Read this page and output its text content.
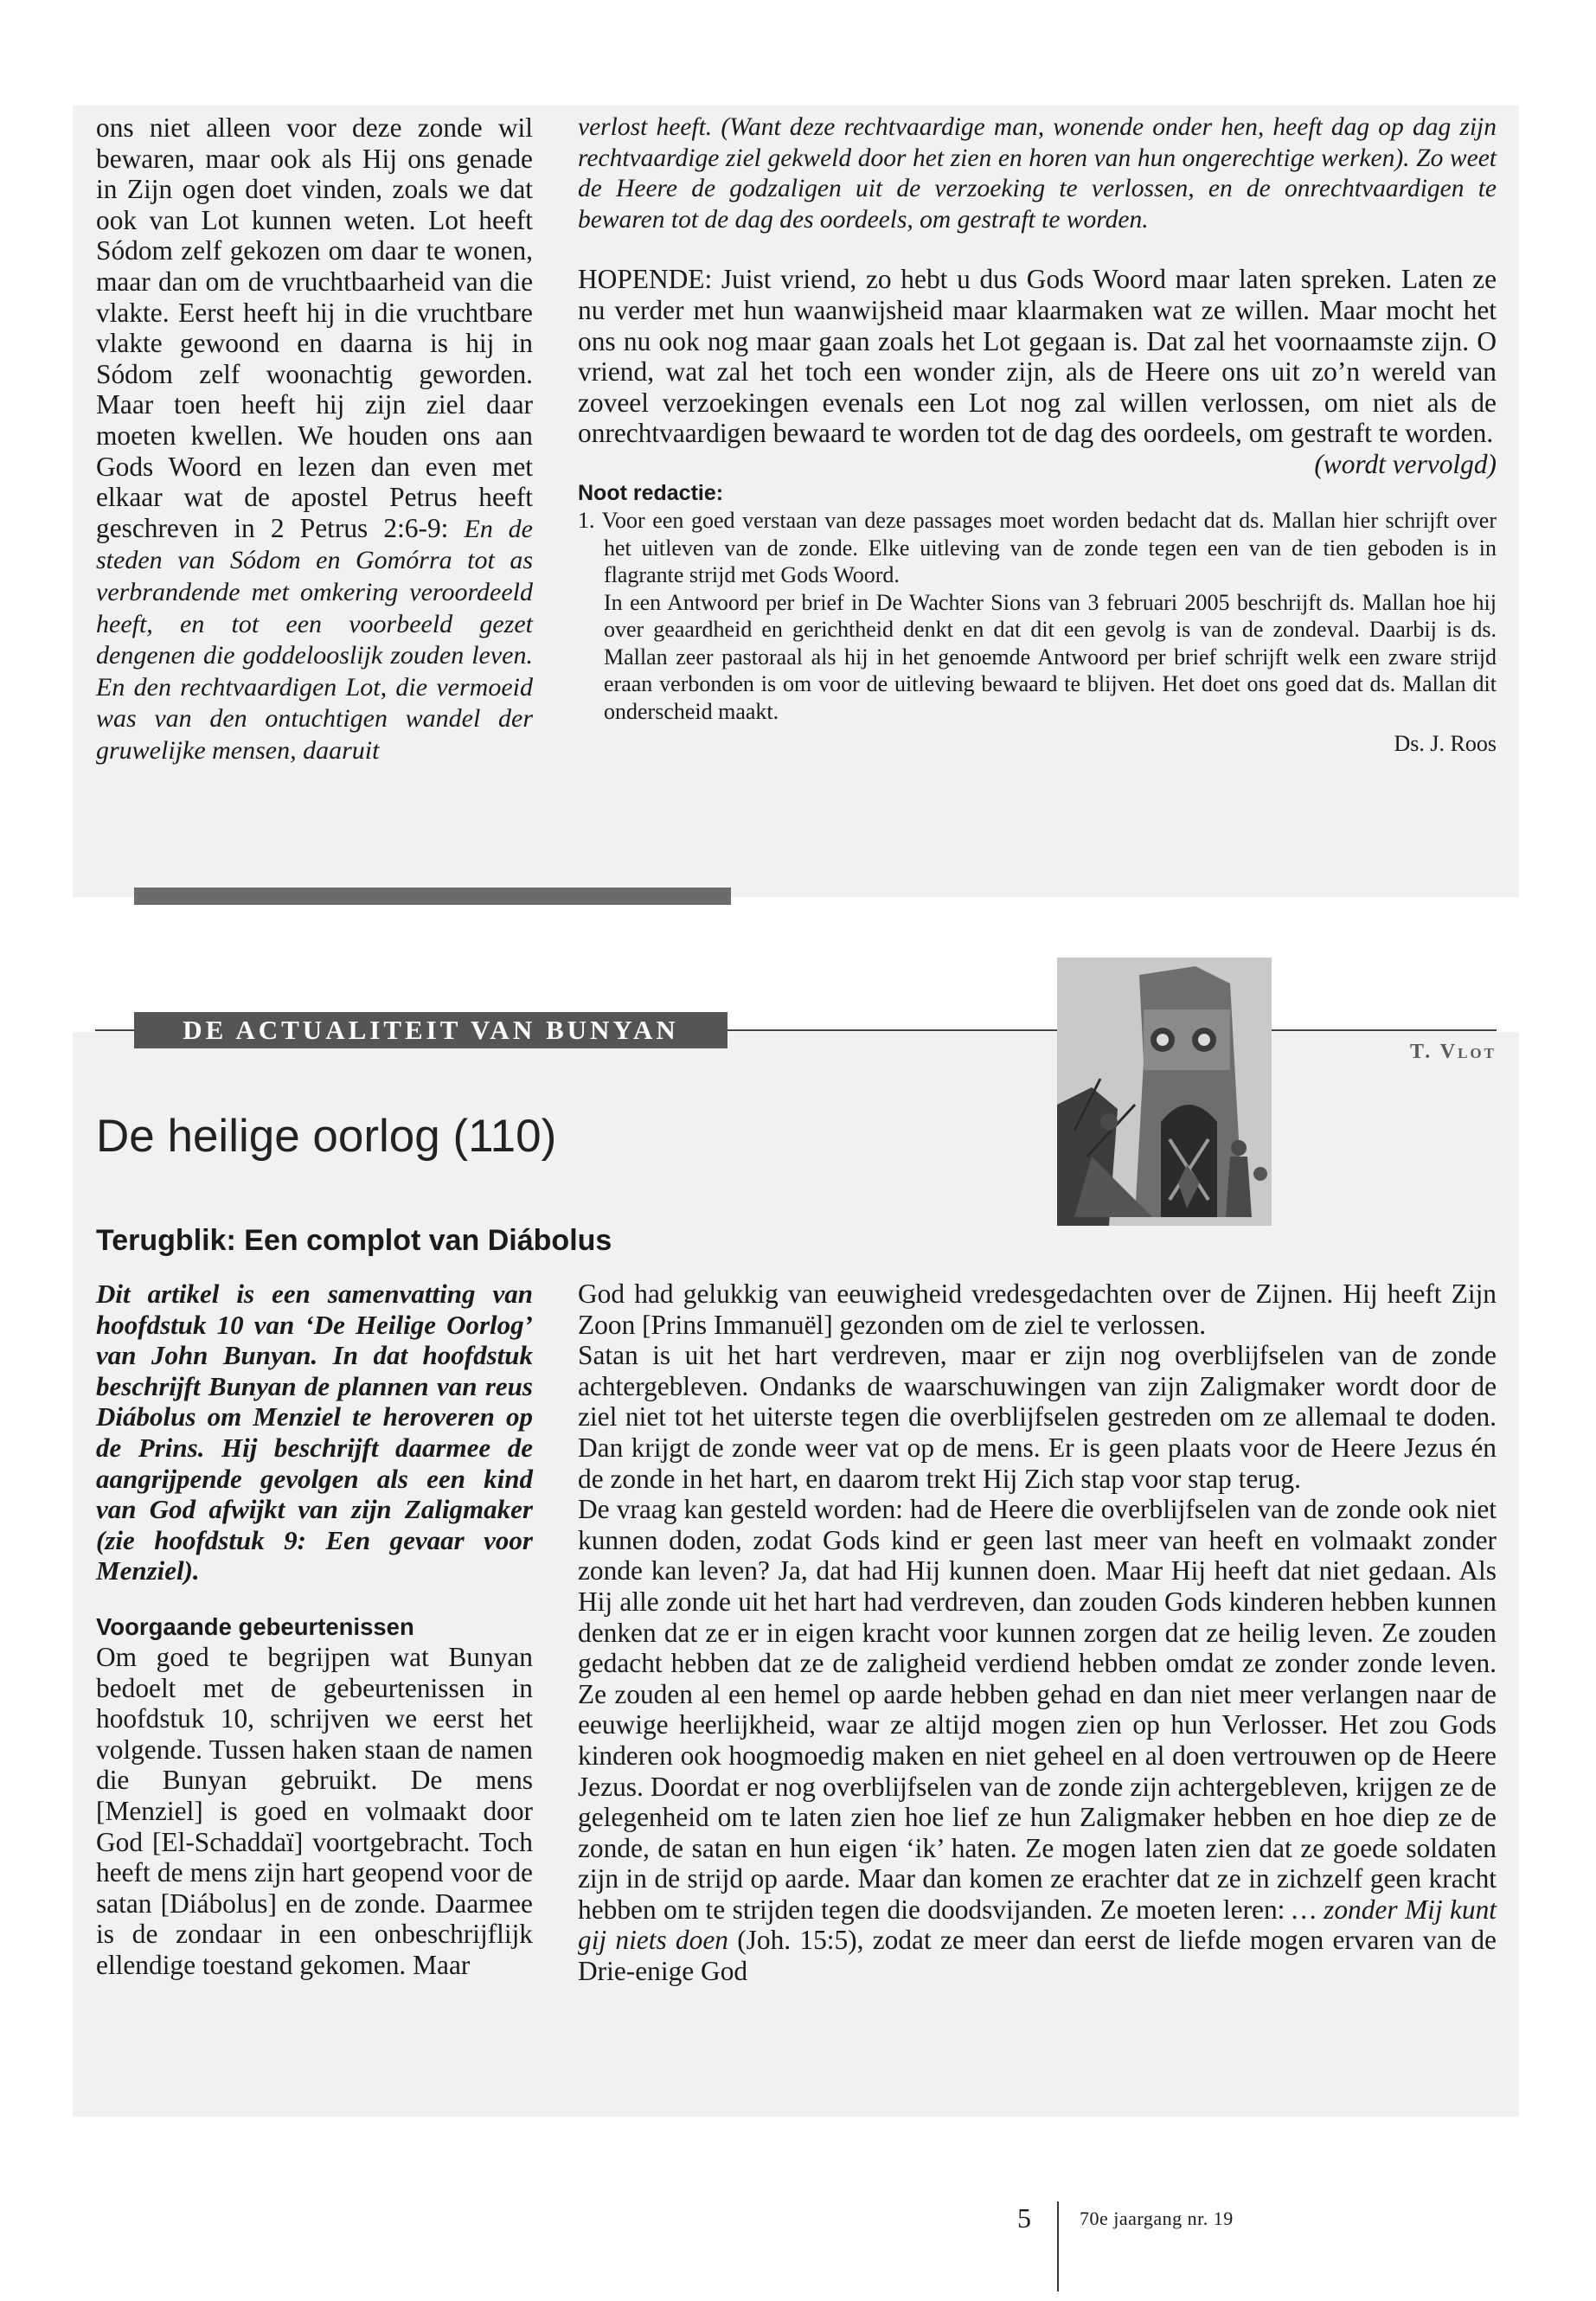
ons niet alleen voor deze zonde wil bewaren, maar ook als Hij ons genade in Zijn ogen doet vinden, zoals we dat ook van Lot kunnen weten. Lot heeft Sódom zelf gekozen om daar te wonen, maar dan om de vruchtbaarheid van die vlakte. Eerst heeft hij in die vruchtbare vlakte gewoond en daarna is hij in Sódom zelf woonachtig geworden. Maar toen heeft hij zijn ziel daar moeten kwellen. We houden ons aan Gods Woord en lezen dan even met elkaar wat de apostel Petrus heeft geschreven in 2 Petrus 2:6-9: En de steden van Sódom en Gomórra tot as verbrandende met omkering veroordeeld heeft, en tot een voorbeeld gezet dengenen die goddelooslijk zouden leven. En den rechtvaardigen Lot, die vermoeid was van den ontuchtigen wandel der gruwelijke mensen, daaruit

verlost heeft. (Want deze rechtvaardige man, wonende onder hen, heeft dag op dag zijn rechtvaardige ziel gekweld door het zien en horen van hun ongerechtige werken). Zo weet de Heere de godzaligen uit de verzoeking te verlossen, en de onrechtvaardigen te bewaren tot de dag des oordeels, om gestraft te worden.

HOPENDE: Juist vriend, zo hebt u dus Gods Woord maar laten spreken. Laten ze nu verder met hun waanwijsheid maar klaarmaken wat ze willen. Maar mocht het ons nu ook nog maar gaan zoals het Lot gegaan is. Dat zal het voornaamste zijn. O vriend, wat zal het toch een wonder zijn, als de Heere ons uit zo’n wereld van zoveel verzoekingen evenals een Lot nog zal willen verlossen, om niet als de onrechtvaardigen bewaard te worden tot de dag des oordeels, om gestraft te worden.
(wordt vervolgd)

Noot redactie:
1. Voor een goed verstaan van deze passages moet worden bedacht dat ds. Mallan hier schrijft over het uitleven van de zonde. Elke uitleving van de zonde tegen een van de tien geboden is in flagrante strijd met Gods Woord.
In een Antwoord per brief in De Wachter Sions van 3 februari 2005 beschrijft ds. Mallan hoe hij over geaardheid en gerichtheid denkt en dat dit een gevolg is van de zondeval. Daarbij is ds. Mallan zeer pastoraal als hij in het genoemde Antwoord per brief schrijft welk een zware strijd eraan verbonden is om voor de uitleving bewaard te blijven. Het doet ons goed dat ds. Mallan dit onderscheid maakt.
Ds. J. Roos
DE ACTUALITEIT VAN BUNYAN
T. Vlot
De heilige oorlog (110)
Terugblik: Een complot van Diábolus

Dit artikel is een samenvatting van hoofdstuk 10 van ‘De Heilige Oorlog’ van John Bunyan. In dat hoofdstuk beschrijft Bunyan de plannen van reus Diábolus om Menziel te heroveren op de Prins. Hij beschrijft daarmee de aangrijpende gevolgen als een kind van God afwijkt van zijn Zaligmaker (zie hoofdstuk 9: Een gevaar voor Menziel).

Voorgaande gebeurtenissen

Om goed te begrijpen wat Bunyan bedoelt met de gebeurtenissen in hoofdstuk 10, schrijven we eerst het volgende. Tussen haken staan de namen die Bunyan gebruikt. De mens [Menziel] is goed en volmaakt door God [El-Schaddaï] voortgebracht. Toch heeft de mens zijn hart geopend voor de satan [Diábolus] en de zonde. Daarmee is de zondaar in een onbeschrijflijk ellendige toestand gekomen. Maar

God had gelukkig van eeuwigheid vredesgedachten over de Zijnen. Hij heeft Zijn Zoon [Prins Immanuël] gezonden om de ziel te verlossen.

Satan is uit het hart verdreven, maar er zijn nog overblijfselen van de zonde achtergebleven. Ondanks de waarschuwingen van zijn Zaligmaker wordt door de ziel niet tot het uiterste tegen die overblijfselen gestreden om ze allemaal te doden. Dan krijgt de zonde weer vat op de mens. Er is geen plaats voor de Heere Jezus én de zonde in het hart, en daarom trekt Hij Zich stap voor stap terug.

De vraag kan gesteld worden: had de Heere die overblijfselen van de zonde ook niet kunnen doden, zodat Gods kind er geen last meer van heeft en volmaakt zonder zonde kan leven? Ja, dat had Hij kunnen doen. Maar Hij heeft dat niet gedaan. Als Hij alle zonde uit het hart had verdreven, dan zouden Gods kinderen hebben kunnen denken dat ze er in eigen kracht voor kunnen zorgen dat ze heilig leven. Ze zouden gedacht hebben dat ze de zaligheid verdiend hebben omdat ze zonder zonde leven. Ze zouden al een hemel op aarde hebben gehad en dan niet meer verlangen naar de eeuwige heerlijkheid, waar ze altijd mogen zien op hun Verlosser. Het zou Gods kinderen ook hoogmoedig maken en niet geheel en al doen vertrouwen op de Heere Jezus. Doordat er nog overblijfselen van de zonde zijn achtergebleven, krijgen ze de gelegenheid om te laten zien hoe lief ze hun Zaligmaker hebben en hoe diep ze de zonde, de satan en hun eigen ‘ik’ haten. Ze mogen laten zien dat ze goede soldaten zijn in de strijd op aarde. Maar dan komen ze erachter dat ze in zichzelf geen kracht hebben om te strijden tegen die doodsvijanden. Ze moeten leren: … zonder Mij kunt gij niets doen (Joh. 15:5), zodat ze meer dan eerst de liefde mogen ervaren van de Drie-enige God

5	70e jaargang nr. 19
